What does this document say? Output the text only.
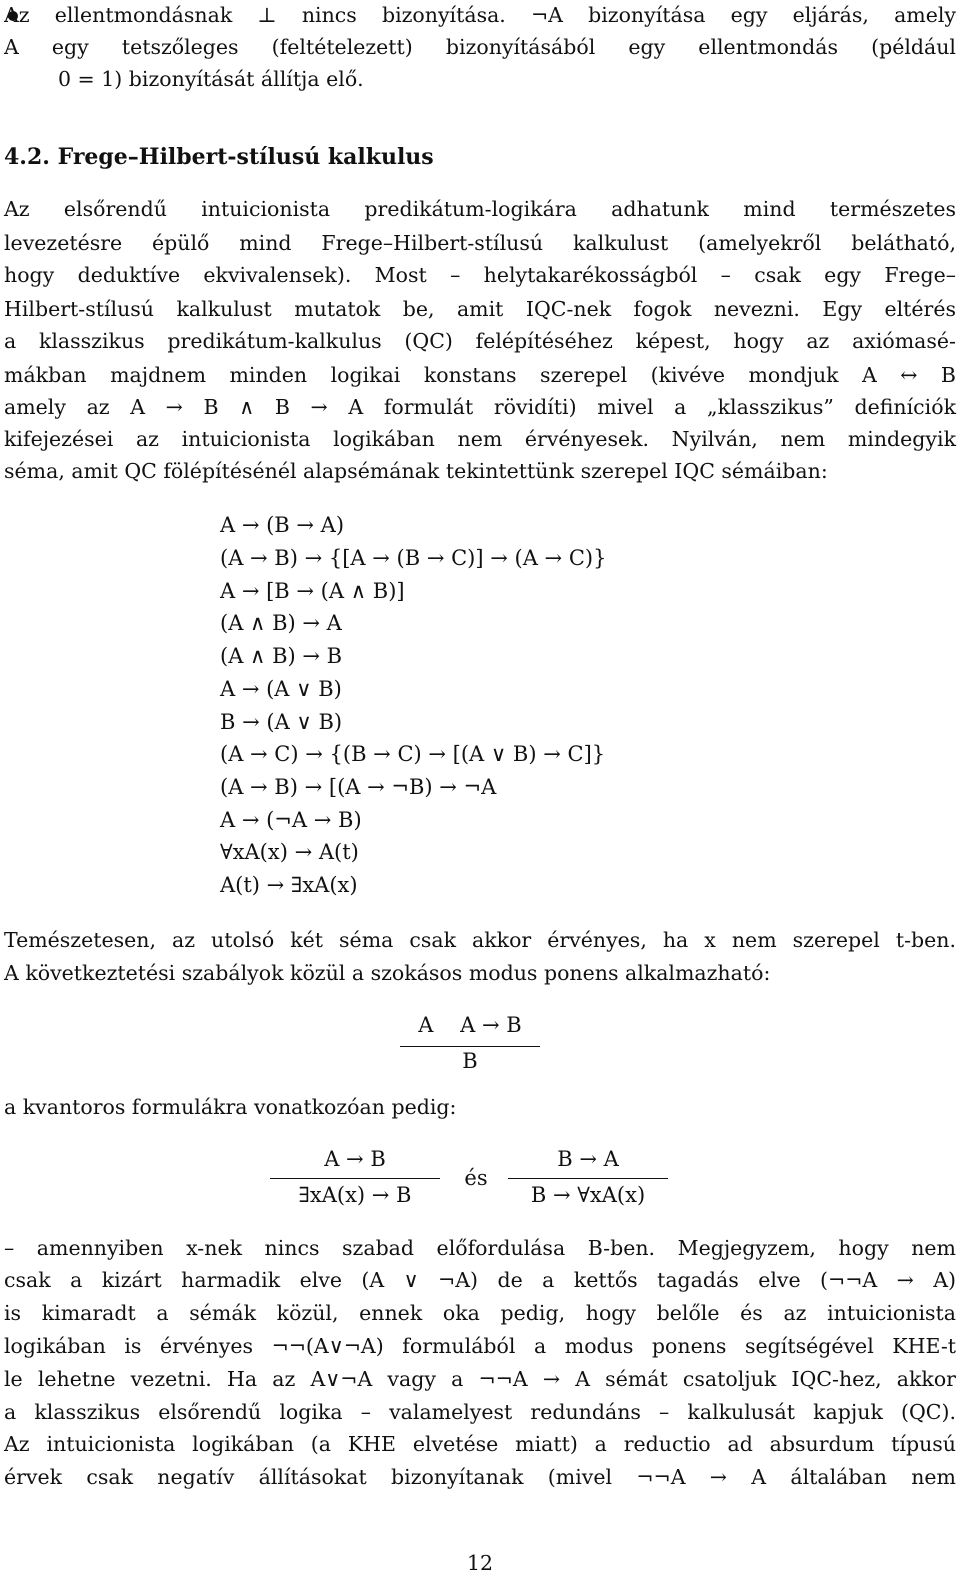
Az ellentmondásnak ⊥ nincs bizonyítása. ¬A bizonyítása egy eljárás, amely
A egy tetszőleges (feltételezett) bizonyításából egy ellentmondás (például
0 = 1) bizonyítását állítja elő.
4.2. Frege–Hilbert-stílusú kalkulus
Az elsőrendű intuicionista predikátum-logikára adhatunk mind természetes
levezetésre épülő mind Frege–Hilbert-stílusú kalkulust (amelyekről belátható,
hogy deduktíve ekvivalensek). Most – helytakarékosságból – csak egy Frege–
Hilbert-stílusú kalkulust mutatok be, amit IQC-nek fogok nevezni. Egy eltérés
a klasszikus predikátum-kalkulus (QC) felépítéséhez képest, hogy az axiómasé-
mákban majdnem minden logikai konstans szerepel (kivéve mondjuk A ↔ B
amely az A → B ∧ B → A formulát rövidíti) mivel a „klasszikus” definíciók
kifejezései az intuicionista logikában nem érvényesek. Nyilván, nem mindegyik
séma, amit QC fölépítésénél alapsémának tekintettünk szerepel IQC sémáiban:
A → (B → A)
(A → B) → {[A → (B → C)] → (A → C)}
A → [B → (A ∧ B)]
(A ∧ B) → A
(A ∧ B) → B
A → (A ∨ B)
B → (A ∨ B)
(A → C) → {(B → C) → [(A ∨ B) → C]}
(A → B) → [(A → ¬B) → ¬A
A → (¬A → B)
∀xA(x) → A(t)
A(t) → ∃xA(x)
Temészetesen, az utolsó két séma csak akkor érvényes, ha x nem szerepel t-ben.
A következtetési szabályok közül a szokásos modus ponens alkalmazható:
A    A → B
B
a kvantoros formulákra vonatkozóan pedig:
A → B
∃xA(x) → B
és
B → A
B → ∀xA(x)
– amennyiben x-nek nincs szabad előfordulása B-ben. Megjegyzem, hogy nem
csak a kizárt harmadik elve (A ∨ ¬A) de a kettős tagadás elve (¬¬A → A)
is kimaradt a sémák közül, ennek oka pedig, hogy belőle és az intuicionista
logikában is érvényes ¬¬(A∨¬A) formulából a modus ponens segítségével KHE-t
le lehetne vezetni. Ha az A∨¬A vagy a ¬¬A → A sémát csatoljuk IQC-hez, akkor
a klasszikus elsőrendű logika – valamelyest redundáns – kalkulusát kapjuk (QC).
Az intuicionista logikában (a KHE elvetése miatt) a reductio ad absurdum típusú
érvek csak negatív állításokat bizonyítanak (mivel ¬¬A → A általában nem
12
